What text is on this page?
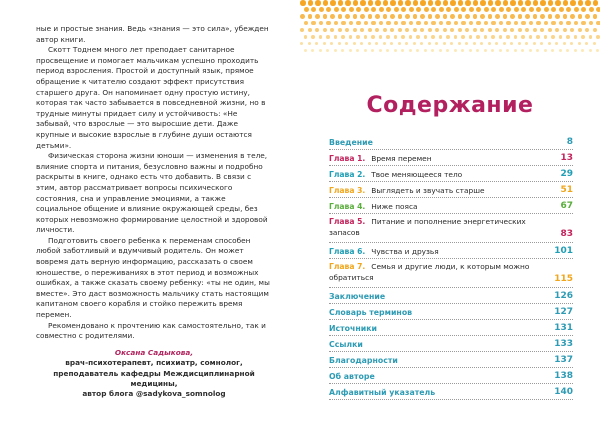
ные и простые знания. Ведь «знания — это сила», убежден автор книги.

Скотт Тоднем много лет преподает санитарное просвещение и помогает мальчикам успешно проходить период взросления. Простой и доступный язык, прямое обращение к читателю создают эффект присутствия старшего друга. Он напоминает одну простую истину, которая так часто забывается в повседневной жизни, но в трудные минуты придает силу и устойчивость: «Не забывай, что взрослые — это выросшие дети. Даже крупные и высокие взрослые в глубине души остаются детьми».

Физическая сторона жизни юноши — изменения в теле, влияние спорта и питания, безусловно важны и подробно раскрыты в книге, однако есть что добавить. В связи с этим, автор рассматривает вопросы психического состояния, сна и управление эмоциями, а также социальное общение и влияние окружающей среды, без которых невозможно формирование целостной и здоровой личности.

Подготовить своего ребенка к переменам способен любой заботливый и вдумчивый родитель. Он может вовремя дать верную информацию, рассказать о своем юношестве, о переживаниях в этот период и возможных ошибках, а также сказать своему ребенку: «ты не один, мы вместе». Это даст возможность мальчику стать настоящим капитаном своего корабля и стойко пережить время перемен.

Рекомендовано к прочтению как самостоятельно, так и совместно с родителями.

Оксана Садыкова,
врач-психотерапевт, психиатр, сомнолог,
преподаватель кафедры Междисциплинарной медицины,
автор блога @sadykova_somnolog
Содержание
Введение	8
Глава 1. Время перемен	13
Глава 2. Твое меняющееся тело	29
Глава 3. Выглядеть и звучать старше	51
Глава 4. Ниже пояса	67
Глава 5. Питание и пополнение энергетических запасов	83
Глава 6. Чувства и друзья	101
Глава 7. Семья и другие люди, к которым можно обратиться	115
Заключение	126
Словарь терминов	127
Источники	131
Ссылки	133
Благодарности	137
Об авторе	138
Алфавитный указатель	140
